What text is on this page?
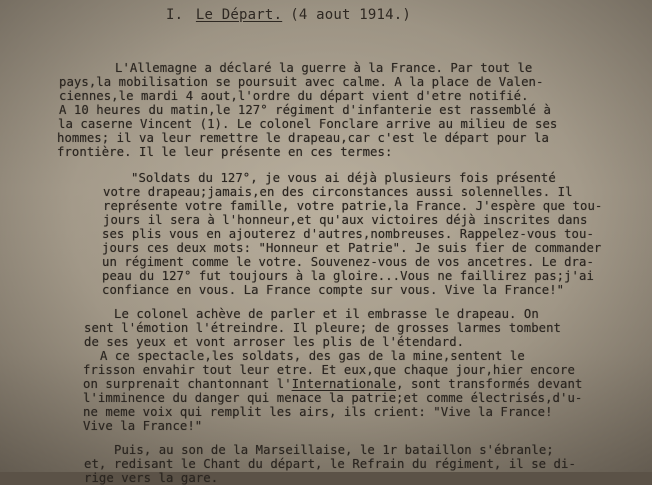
I. Le Départ. (4 aout 1914.)
L'Allemagne a déclaré la guerre à la France. Par tout le
pays,la mobilisation se poursuit avec calme. A la place de Valen-
ciennes,le mardi 4 aout,l'ordre du départ vient d'etre notifié.
A 10 heures du matin,le 127° régiment d'infanterie est rassemblé à
la caserne Vincent (1). Le colonel Fonclare arrive au milieu de ses
hommes; il va leur remettre le drapeau,car c'est le départ pour la
frontière. Il le leur présente en ces termes:
"Soldats du 127°, je vous ai déjà plusieurs fois présenté
votre drapeau;jamais,en des circonstances aussi solennelles. Il
représente votre famille, votre patrie,la France. J'espère que tou-
jours il sera à l'honneur,et qu'aux victoires déjà inscrites dans
ses plis vous en ajouterez d'autres,nombreuses. Rappelez-vous tou-
jours ces deux mots: "Honneur et Patrie". Je suis fier de commander
un régiment comme le votre. Souvenez-vous de vos ancetres. Le dra-
peau du 127° fut toujours à la gloire...Vous ne faillirez pas;j'ai
confiance en vous. La France compte sur vous. Vive la France!"
Le colonel achève de parler et il embrasse le drapeau. On
sent l'émotion l'étreindre. Il pleure; de grosses larmes tombent
de ses yeux et vont arroser les plis de l'étendard.
A ce spectacle,les soldats, des gas de la mine,sentent le
frisson envahir tout leur etre. Et eux,que chaque jour,hier encore
on surprenait chantonnant l'Internationale, sont transformés devant
l'imminence du danger qui menace la patrie;et comme électrisés,d'u-
ne meme voix qui remplit les airs, ils crient: "Vive la France!
Vive la France!"
Puis, au son de la Marseillaise, le 1r bataillon s'ébranle;
et, redisant le Chant du départ, le Refrain du régiment, il se di-
rige vers la gare.
